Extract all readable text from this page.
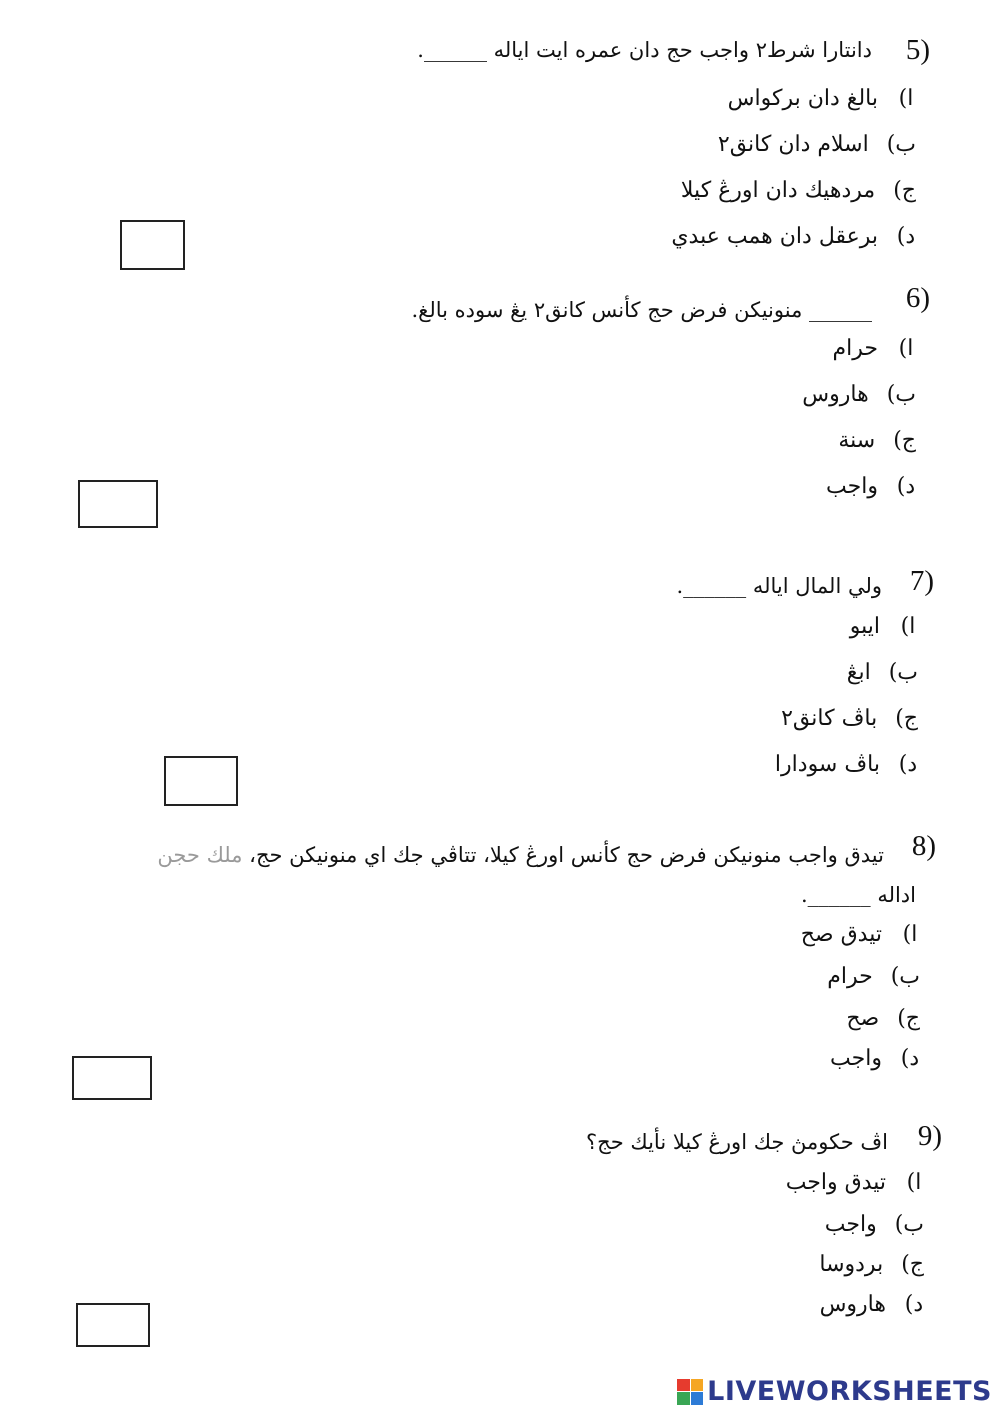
5)
دانتارا شرط٢ واجب حج دان عمره ايت اياله ______.
ا)
بالغ دان بركواس
ب)
اسلام دان كانق٢
ج)
مردهيك دان اورڠ كيلا
د)
برعقل دان همب عبدي
6)
______ منونيكن فرض حج كأنس كانق٢ يڠ سوده بالغ.
ا)
حرام
ب)
هاروس
ج)
سنة
د)
واجب
7)
ولي المال اياله ______.
ا)
ايبو
ب)
ابڠ
ج)
باڤ كانق٢
د)
باڤ سودارا
8)
تيدق واجب منونيكن فرض حج كأنس اورڠ كيلا، تتاڤي جك اي منونيكن حج، ملك حجن
اداله ______.
ا)
تيدق صح
ب)
حرام
ج)
صح
د)
واجب
9)
اڤ حكومڽ جك اورڠ كيلا نأيك حج؟
ا)
تيدق واجب
ب)
واجب
ج)
بردوسا
د)
هاروس
LIVEWORKSHEETS
